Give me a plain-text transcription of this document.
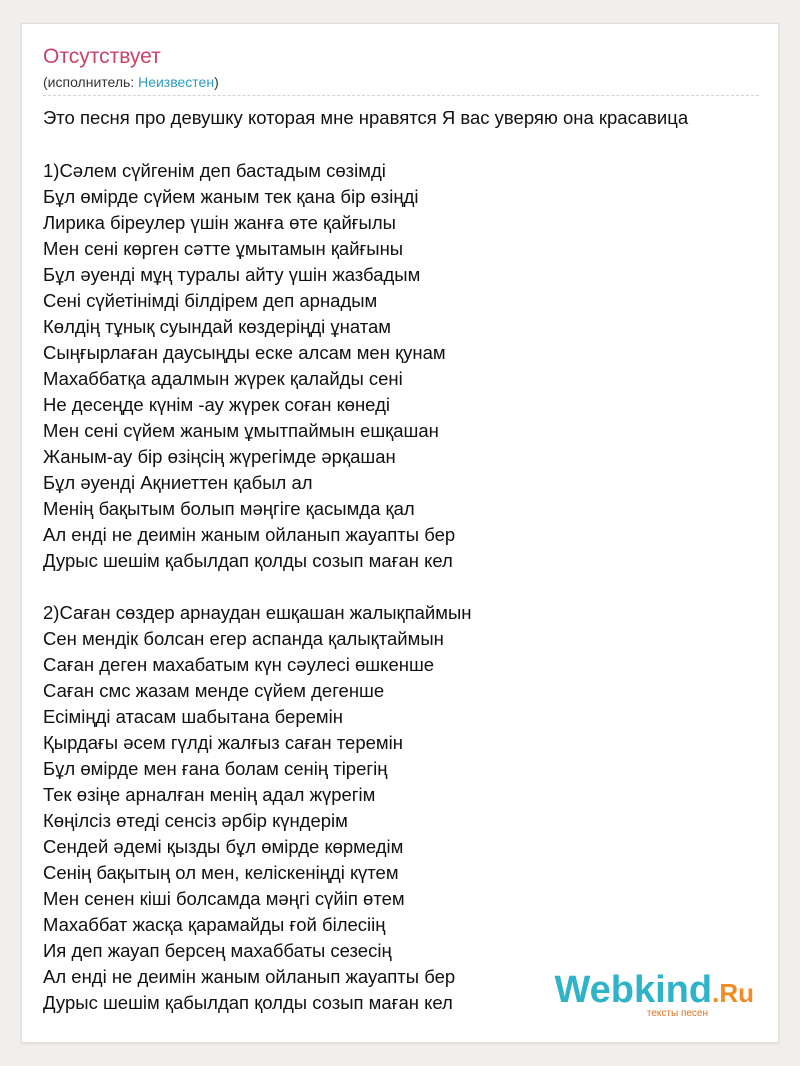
Отсутствует
(исполнитель: Неизвестен)
Это песня про девушку которая мне нравятся Я вас уверяю она красавица
1)Сәлем сүйгенім деп бастадым сөзімді
Бұл өмірде сүйем жаным тек қана бір өзіңді
Лирика біреулер үшін жанға өте қайғылы
Мен сені көрген сәтте ұмытамын қайғыны
Бұл әуенді мұң туралы айту үшін жазбадым
Сені сүйетінімді білдірем деп арнадым
Көлдің тұнық суындай көздеріңді ұнатам
Сыңғырлаған даусыңды еске алсам мен қунам
Махаббатқа адалмын жүрек қалайды сені
Не десеңде күнім -ау жүрек соған көнеді
Мен сені сүйем жаным ұмытпаймын ешқашан
Жаным-ау бір өзіңсің жүрегімде әрқашан
Бұл әуенді Ақниеттен қабыл ал
Менің бақытым болып мәңгіге қасымда қал
Ал енді не деимін жаным ойланып жауапты бер
Дурыс шешім қабылдап қолды созып маған кел
2)Саған сөздер арнаудан ешқашан жалықпаймын
Сен мендік болсан егер аспанда қалықтаймын
Саған деген махабатым күн сәулесі өшкенше
Саған смс жазам менде сүйем дегенше
Есіміңді атасам шабытана беремін
Қырдағы әсем гүлді жалғыз саған теремін
Бұл өмірде мен ғана болам сенің тірегің
Тек өзіңе арналған менің адал жүрегім
Көңілсіз өтеді сенсіз әрбір күндерім
Сендей әдемі қызды бұл өмірде көрмедім
Сенің бақытың ол мен, келіскеніңді күтем
Мен сенен кіші болсамда мәңгі сүйіп өтем
Махаббат жасқа қарамайды ғой білесіің
Ия деп жауап берсең махаббаты сезесің
Ал енді не деимін жаным ойланып жауапты бер
Дурыс шешім қабылдап қолды созып маған кел	Webkind.Ru
тексты песен
